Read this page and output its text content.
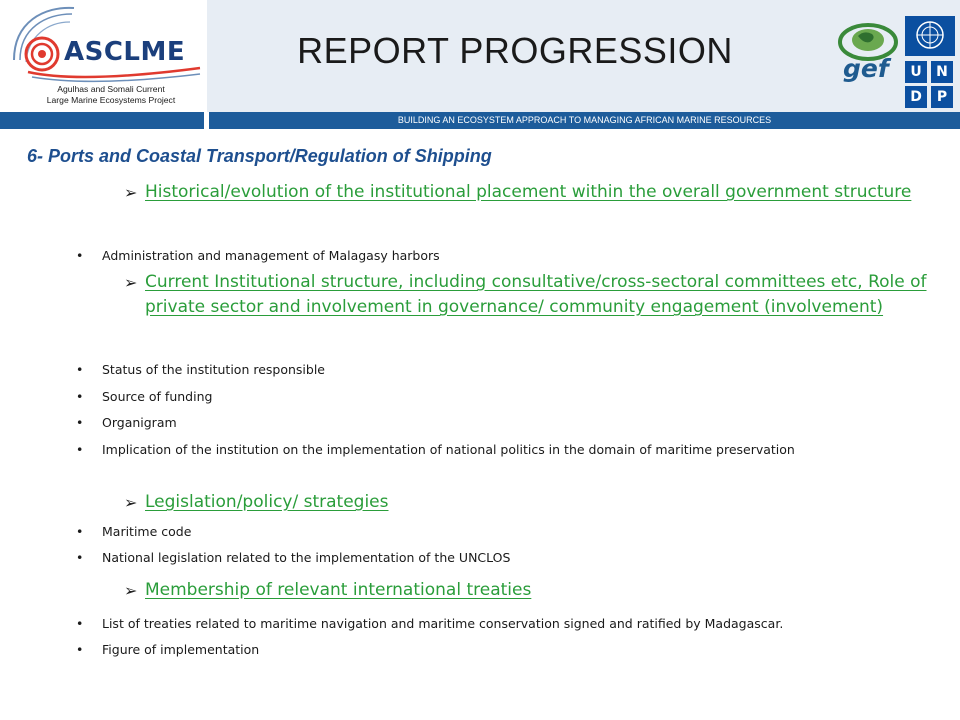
ASCLME
Agulhas and Somali Current
Large Marine Ecosystems Project
REPORT PROGRESSION	gef	U	N
D	P
BUILDING AN ECOSYSTEM APPROACH TO MANAGING AFRICAN MARINE RESOURCES
6- Ports and Coastal Transport/Regulation of Shipping
➢ Historical/evolution of the institutional placement within the overall government structure
• Administration and management of Malagasy harbors
➢ Current Institutional structure, including consultative/cross-sectoral committees etc, Role of private sector and involvement in governance/ community engagement (involvement)
• Status of the institution responsible
• Source of funding
• Organigram
• Implication of the institution on the implementation of national politics in the domain of maritime preservation
➢ Legislation/policy/ strategies
• Maritime code
• National legislation related to the implementation of the UNCLOS
➢ Membership of relevant international treaties
• List of treaties related to maritime navigation and maritime conservation signed and ratified by Madagascar.
• Figure of implementation
